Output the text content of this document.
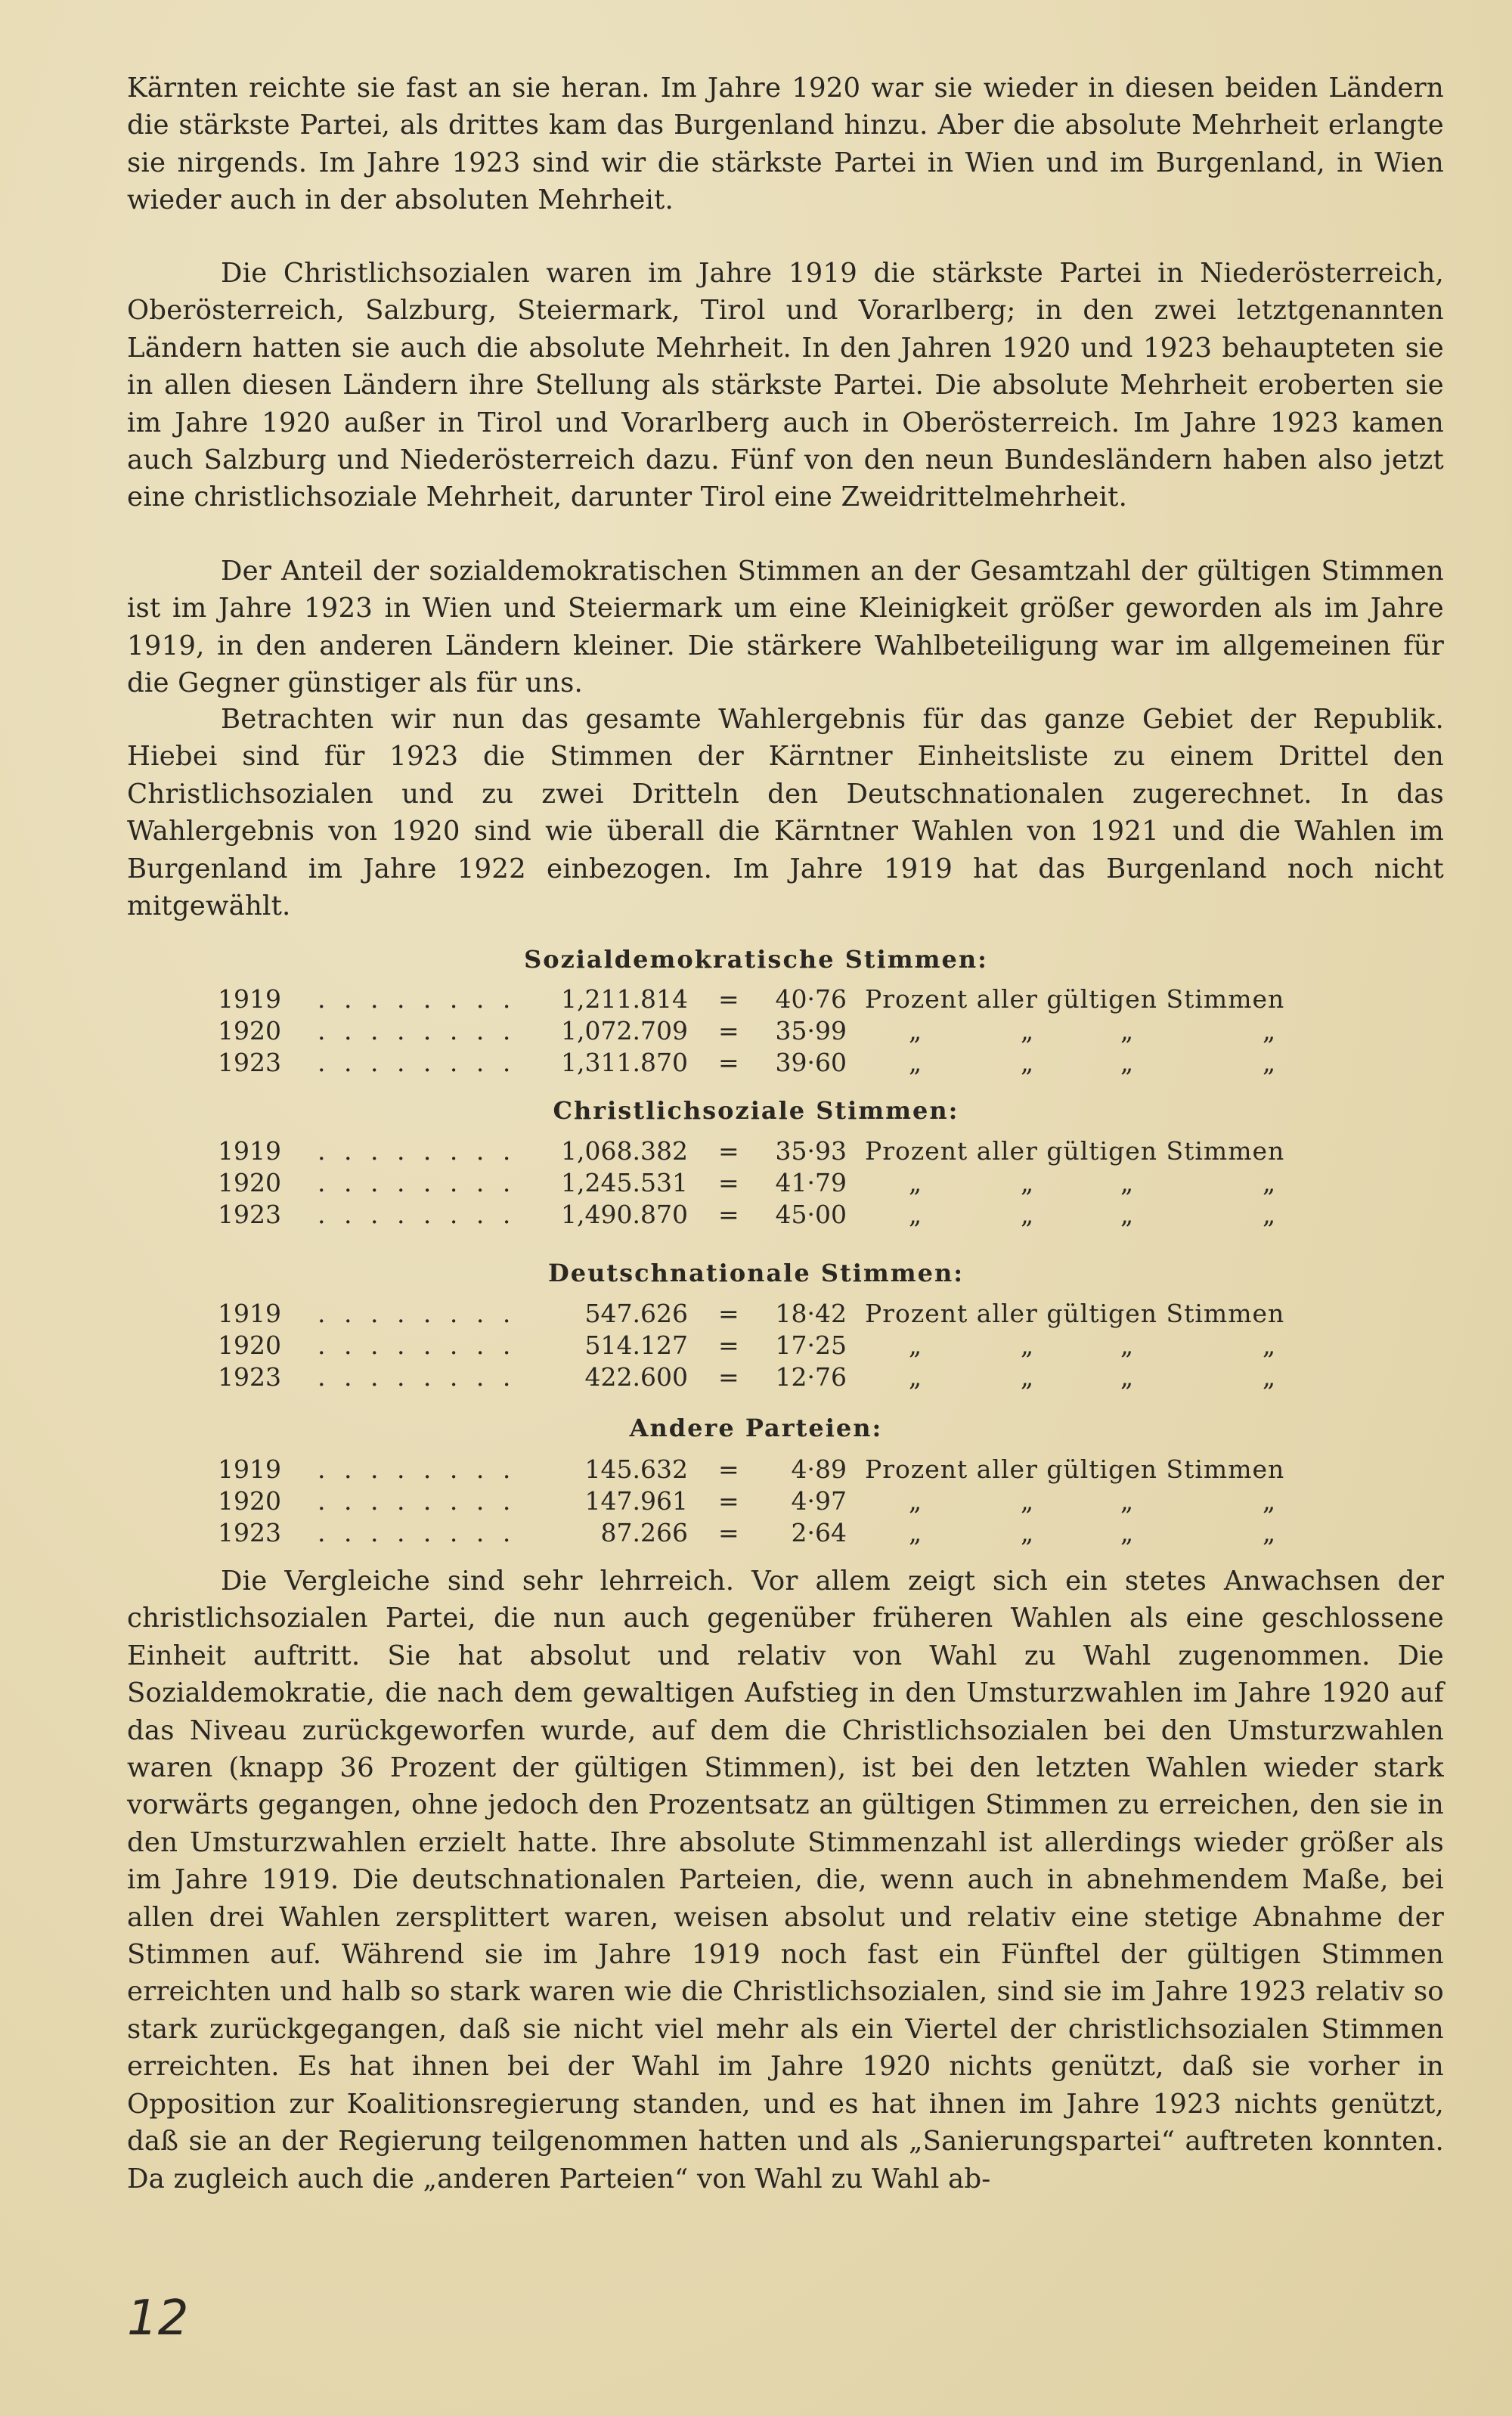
Kärnten reichte sie fast an sie heran. Im Jahre 1920 war sie wieder in diesen beiden Ländern die stärkste Partei, als drittes kam das Burgenland hinzu. Aber die absolute Mehrheit erlangte sie nirgends. Im Jahre 1923 sind wir die stärkste Partei in Wien und im Burgenland, in Wien wieder auch in der absoluten Mehrheit.

Die Christlichsozialen waren im Jahre 1919 die stärkste Partei in Niederösterreich, Oberösterreich, Salzburg, Steiermark, Tirol und Vorarlberg; in den zwei letztgenannten Ländern hatten sie auch die absolute Mehrheit. In den Jahren 1920 und 1923 behaupteten sie in allen diesen Ländern ihre Stellung als stärkste Partei. Die absolute Mehrheit eroberten sie im Jahre 1920 außer in Tirol und Vorarlberg auch in Oberösterreich. Im Jahre 1923 kamen auch Salzburg und Niederösterreich dazu. Fünf von den neun Bundesländern haben also jetzt eine christlichsoziale Mehrheit, darunter Tirol eine Zweidrittelmehrheit.

Der Anteil der sozialdemokratischen Stimmen an der Gesamtzahl der gültigen Stimmen ist im Jahre 1923 in Wien und Steiermark um eine Kleinigkeit größer geworden als im Jahre 1919, in den anderen Ländern kleiner. Die stärkere Wahlbeteiligung war im allgemeinen für die Gegner günstiger als für uns.

Betrachten wir nun das gesamte Wahlergebnis für das ganze Gebiet der Republik. Hiebei sind für 1923 die Stimmen der Kärntner Einheitsliste zu einem Drittel den Christlichsozialen und zu zwei Dritteln den Deutschnationalen zugerechnet. In das Wahlergebnis von 1920 sind wie überall die Kärntner Wahlen von 1921 und die Wahlen im Burgenland im Jahre 1922 einbezogen. Im Jahre 1919 hat das Burgenland noch nicht mitgewählt.

Sozialdemokratische Stimmen:
1919 . . . . . . . . 1,211.814 = 40·76 Prozent aller gültigen Stimmen
1920 . . . . . . . . 1,072.709 = 35·99 „	„	„	„
1923 . . . . . . . . 1,311.870 = 39·60 „	„	„	„
Christlichsoziale Stimmen:
1919 . . . . . . . . 1,068.382 = 35·93 Prozent aller gültigen Stimmen
1920 . . . . . . . . 1,245.531 = 41·79 „	„	„	„
1923 . . . . . . . . 1,490.870 = 45·00 „	„	„	„
Deutschnationale Stimmen:
1919 . . . . . . . .	547.626 = 18·42 Prozent aller gültigen Stimmen
1920 . . . . . . . .	514.127 = 17·25 „	„	„	„
1923 . . . . . . . .	422.600 = 12·76 „	„	„	„
Andere Parteien:
1919 . . . . . . . .	145.632 = 4·89 Prozent aller gültigen Stimmen
1920 . . . . . . . .	147.961 = 4·97 „	„	„	„
1923 . . . . . . . .	87.266 = 2·64 „	„	„	„

Die Vergleiche sind sehr lehrreich. Vor allem zeigt sich ein stetes Anwachsen der christlichsozialen Partei, die nun auch gegenüber früheren Wahlen als eine geschlossene Einheit auftritt. Sie hat absolut und relativ von Wahl zu Wahl zugenommen. Die Sozialdemokratie, die nach dem gewaltigen Aufstieg in den Umsturzwahlen im Jahre 1920 auf das Niveau zurückgeworfen wurde, auf dem die Christlichsozialen bei den Umsturzwahlen waren (knapp 36 Prozent der gültigen Stimmen), ist bei den letzten Wahlen wieder stark vorwärts gegangen, ohne jedoch den Prozentsatz an gültigen Stimmen zu erreichen, den sie in den Umsturzwahlen erzielt hatte. Ihre absolute Stimmenzahl ist allerdings wieder größer als im Jahre 1919. Die deutschnationalen Parteien, die, wenn auch in abnehmendem Maße, bei allen drei Wahlen zersplittert waren, weisen absolut und relativ eine stetige Abnahme der Stimmen auf. Während sie im Jahre 1919 noch fast ein Fünftel der gültigen Stimmen erreichten und halb so stark waren wie die Christlichsozialen, sind sie im Jahre 1923 relativ so stark zurückgegangen, daß sie nicht viel mehr als ein Viertel der christlichsozialen Stimmen erreichten. Es hat ihnen bei der Wahl im Jahre 1920 nichts genützt, daß sie vorher in Opposition zur Koalitionsregierung standen, und es hat ihnen im Jahre 1923 nichts genützt, daß sie an der Regierung teilgenommen hatten und als „Sanierungspartei“ auftreten konnten. Da zugleich auch die „anderen Parteien“ von Wahl zu Wahl ab-

12
